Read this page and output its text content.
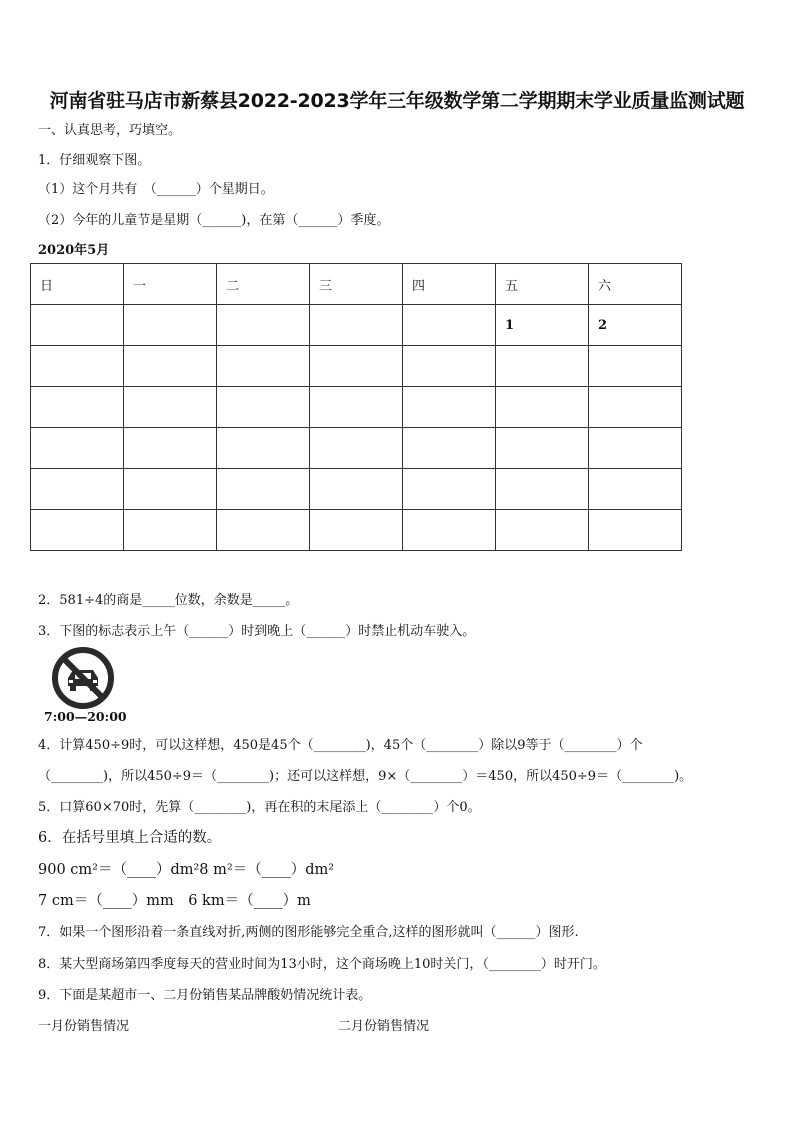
河南省驻马店市新蔡县2022-2023学年三年级数学第二学期期末学业质量监测试题
一、认真思考，巧填空。
1．仔细观察下图。
（1）这个月共有　（______）个星期日。
（2）今年的儿童节是星期（______)，在第（______）季度。
2020年5月
日	一	二	三	四	五	六
					1	2

2．581÷4的商是_____位数，余数是_____。
3．下图的标志表示上午（______）时到晚上（______）时禁止机动车驶入。
7:00—20:00
4．计算450÷9时，可以这样想，450是45个（________)，45个（________）除以9等于（________）个
（________)，所以450÷9＝（________)；还可以这样想，9×（________）＝450，所以450÷9＝（________)。
5．口算60×70时，先算（________)，再在积的末尾添上（________）个0。
6．在括号里填上合适的数。
900 cm²＝（____）dm²8 m²＝（____）dm²
7 cm＝（____）mm　6 km＝（____）m
7．如果一个图形沿着一条直线对折,两侧的图形能够完全重合,这样的图形就叫（______）图形.
8．某大型商场第四季度每天的营业时间为13小时，这个商场晚上10时关门，（________）时开门。
9．下面是某超市一、二月份销售某品牌酸奶情况统计表。
一月份销售情况	二月份销售情况
